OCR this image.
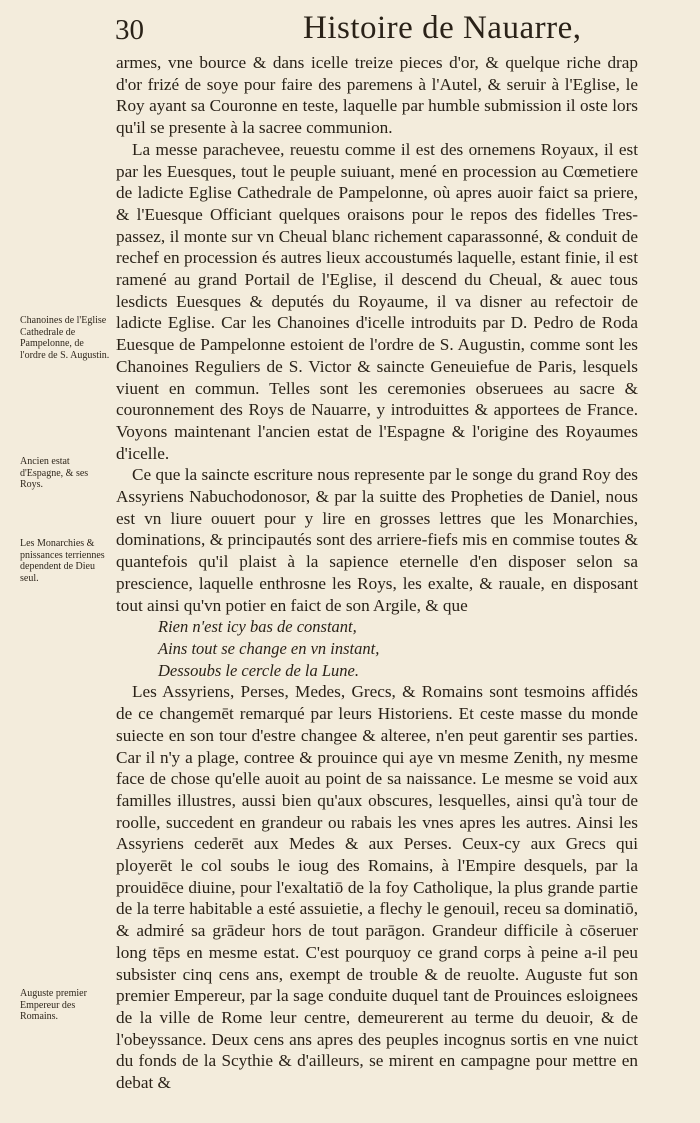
30	Histoire de Nauarre,

armes, vne bource & dans icelle treize pieces d'or, & quelque riche drap d'or frizé de soye pour faire des paremens à l'Autel, & seruir à l'Eglise, le Roy ayant sa Couronne en teste, laquelle par humble submission il oste lors qu'il se presente à la sacree communion.

La messe parachevee, reuestu comme il est des ornemens Royaux, il est par les Euesques, tout le peuple suiuant, mené en procession au Cœmetiere de ladicte Eglise Cathedrale de Pampelonne, où apres auoir faict sa priere, & l'Euesque Officiant quelques oraisons pour le repos des fidelles Tres-passez, il monte sur vn Cheual blanc richement caparassonné, & conduit de rechef en procession és autres lieux accoustumés laquelle, estant finie, il est ramené au grand Portail de l'Eglise, il descend du Cheual, & auec tous lesdicts Euesques & deputés du Royaume, il va disner au refectoir de ladicte Eglise. Car les Chanoines d'icelle introduits par D. Pedro de Roda Euesque de Pampelonne estoient de l'ordre de S. Augustin, comme sont les Chanoines Reguliers de S. Victor & saincte Geneuiefue de Paris, lesquels viuent en commun. Telles sont les ceremonies obseruees au sacre & couronnement des Roys de Nauarre, y introduittes & apportees de France. Voyons maintenant l'ancien estat de l'Espagne & l'origine des Royaumes d'icelle.

Ce que la saincte escriture nous represente par le songe du grand Roy des Assyriens Nabuchodonosor, & par la suitte des Propheties de Daniel, nous est vn liure ouuert pour y lire en grosses lettres que les Monarchies, dominations, & principautés sont des arriere-fiefs mis en commise toutes & quantefois qu'il plaist à la sapience eternelle d'en disposer selon sa prescience, laquelle enthrosne les Roys, les exalte, & rauale, en disposant tout ainsi qu'vn potier en faict de son Argile, & que

Rien n'est icy bas de constant,
Ains tout se change en vn instant,
Dessoubs le cercle de la Lune.

Les Assyriens, Perses, Medes, Grecs, & Romains sont tesmoins affidés de ce changemēt remarqué par leurs Historiens. Et ceste masse du monde suiecte en son tour d'estre changee & alteree, n'en peut garentir ses parties. Car il n'y a plage, contree & prouince qui aye vn mesme Zenith, ny mesme face de chose qu'elle auoit au point de sa naissance. Le mesme se void aux familles illustres, aussi bien qu'aux obscures, lesquelles, ainsi qu'à tour de roolle, succedent en grandeur ou rabais les vnes apres les autres. Ainsi les Assyriens cederēt aux Medes & aux Perses. Ceux-cy aux Grecs qui ployerēt le col soubs le ioug des Romains, à l'Empire desquels, par la prouidēce diuine, pour l'exaltatiō de la foy Catholique, la plus grande partie de la terre habitable a esté assuietie, a flechy le genouil, receu sa dominatiō, & admiré sa grādeur hors de tout parāgon. Grandeur difficile à cōseruer long tēps en mesme estat. C'est pourquoy ce grand corps à peine a-il peu subsister cinq cens ans, exempt de trouble & de reuolte. Auguste fut son premier Empereur, par la sage conduite duquel tant de Prouinces esloignees de la ville de Rome leur centre, demeurerent au terme du deuoir, & de l'obeyssance. Deux cens ans apres des peuples incognus sortis en vne nuict du fonds de la Scythie & d'ailleurs, se mirent en campagne pour mettre en debat &

Chanoines de l'Eglise Cathedrale de Pampelonne, de l'ordre de S. Augustin.
Ancien estat d'Espagne, & ses Roys.
Les Monarchies & pnissances terriennes dependent de Dieu seul.
Auguste premier Empereur des Romains.
